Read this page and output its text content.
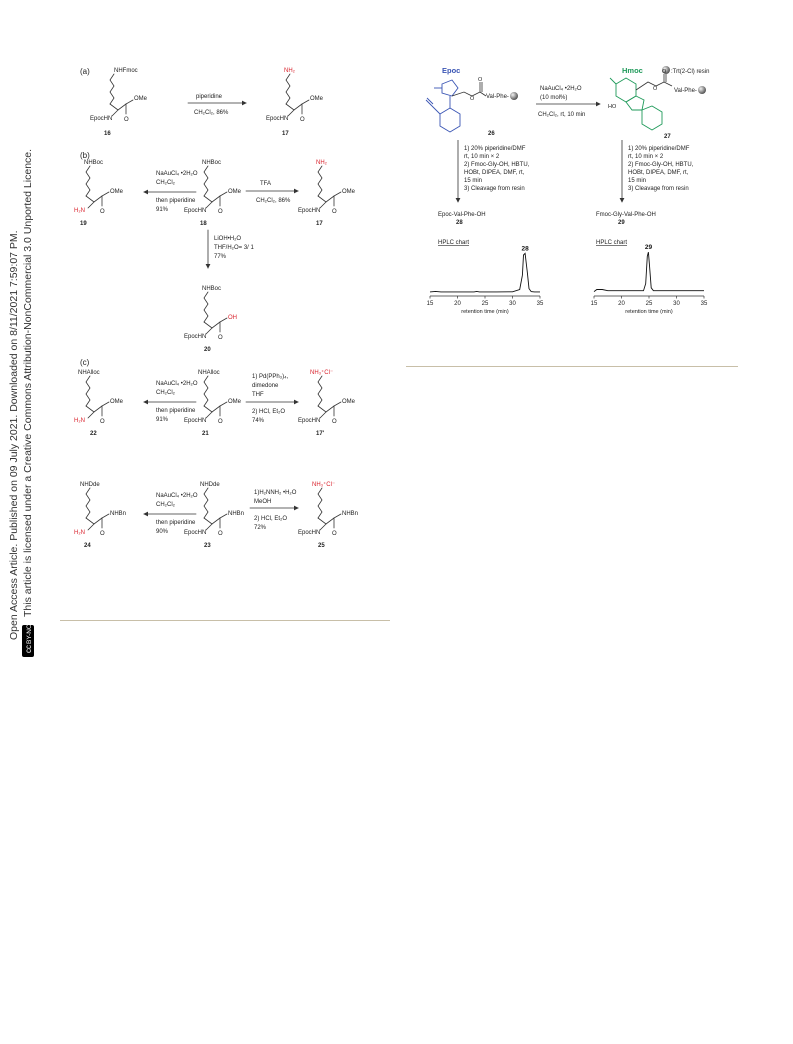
Open Access Article. Published on 09 July 2021. Downloaded on 8/11/2021 7:59:07 PM.
cc
BY-NC
This article is licensed under a Creative Commons Attribution-NonCommercial 3.0 Unported Licence.
(a)	NHFmoc
EpocHN
OMe
O
16
piperidine
CH₂Cl₂, 86%
NH₂
EpocHN
OMe
O
17
(b)
NHBoc
H₂N
OMe
O
19
NaAuCl₄ •2H₂O
CH₂Cl₂
then piperidine
91%
NHBoc
EpocHN
OMe
O
18
TFA
CH₂Cl₂, 86%
NH₂
EpocHN
OMe
O
17
LiOH•H₂O
THF/H₂O= 3/ 1
77%
NHBoc
EpocHN
OH
O
20
(c)
NHAlloc
H₂N
OMe
O
22
NaAuCl₄ •2H₂O
CH₂Cl₂
then piperidine
91%
NHAlloc
EpocHN
OMe
O
21
1) Pd(PPh₃)₄,
dimedone
THF
2) HCl, Et₂O
74%
NH₃⁺Cl⁻
EpocHN
OMe
O
17'
NHDde
H₂N
NHBn
O
24
NaAuCl₄ •2H₂O
CH₂Cl₂
then piperidine
90%
NHDde
EpocHN
NHBn
O
23
1)H₂NNH₂ •H₂O
MeOH
2) HCl, Et₂O
72%
NH₃⁺Cl⁻
EpocHN
NHBn
O
25
Epoc	Hmoc	:Trt(2-Cl) resin
O
O
Val-Phe-
26
NaAuCl₄ •2H₂O
(10 mol%)
CH₂Cl₂, rt, 10 min
O
O
HO
Val-Phe-
27
1) 20% piperidine/DMF
rt, 10 min × 2
2) Fmoc-Gly-OH, HBTU,
HOBt, DIPEA, DMF, rt,
15 min
3) Cleavage from resin
Epoc-Val-Phe-OH
28
1) 20% piperidine/DMF
rt, 10 min × 2
2) Fmoc-Gly-OH, HBTU,
HOBt, DIPEA, DMF, rt,
15 min
3) Cleavage from resin
Fmoc-Gly-Val-Phe-OH
29
HPLC chart	HPLC chart
15	20	25	30	35
retention time (min)
28
15	20	25	30	35
retention time (min)
29
